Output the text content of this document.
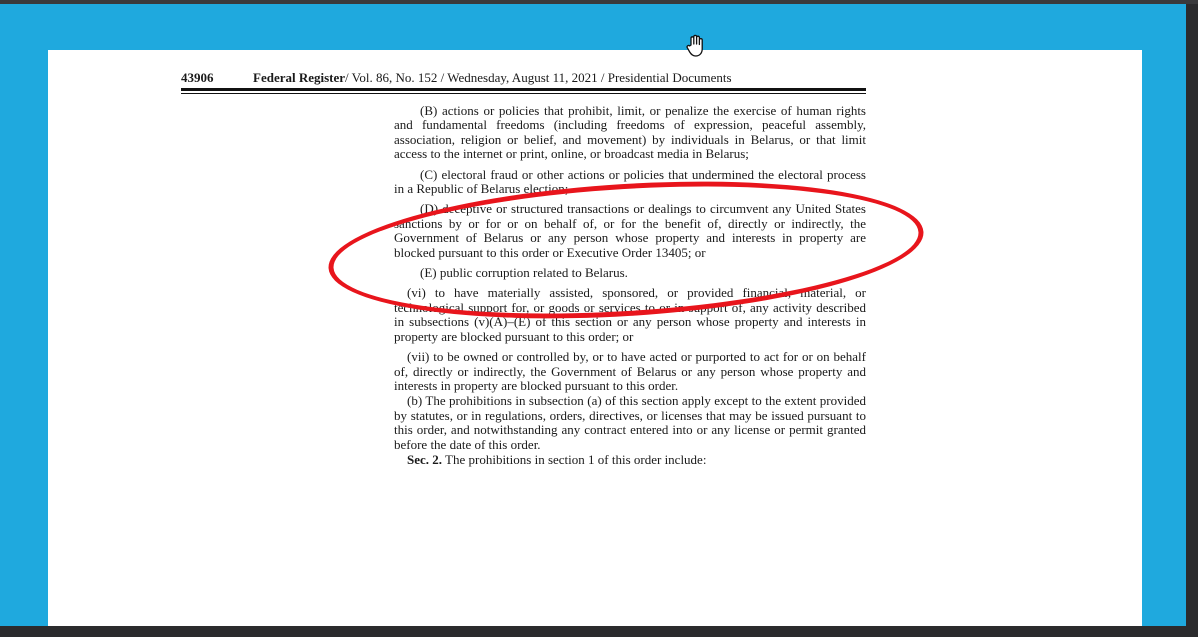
43906	Federal Register/ Vol. 86, No. 152 / Wednesday, August 11, 2021 / Presidential Documents

(B) actions or policies that prohibit, limit, or penalize the exercise of human rights and fundamental freedoms (including freedoms of expression, peaceful assembly, association, religion or belief, and movement) by individuals in Belarus, or that limit access to the internet or print, online, or broadcast media in Belarus;

(C) electoral fraud or other actions or policies that undermined the electoral process in a Republic of Belarus election;

(D) deceptive or structured transactions or dealings to circumvent any United States sanctions by or for or on behalf of, or for the benefit of, directly or indirectly, the Government of Belarus or any person whose property and interests in property are blocked pursuant to this order or Executive Order 13405; or

(E) public corruption related to Belarus.

(vi) to have materially assisted, sponsored, or provided financial, material, or technological support for, or goods or services to or in support of, any activity described in subsections (v)(A)–(E) of this section or any person whose property and interests in property are blocked pursuant to this order; or

(vii) to be owned or controlled by, or to have acted or purported to act for or on behalf of, directly or indirectly, the Government of Belarus or any person whose property and interests in property are blocked pursuant to this order.

(b) The prohibitions in subsection (a) of this section apply except to the extent provided by statutes, or in regulations, orders, directives, or licenses that may be issued pursuant to this order, and notwithstanding any contract entered into or any license or permit granted before the date of this order.

Sec. 2. The prohibitions in section 1 of this order include:
